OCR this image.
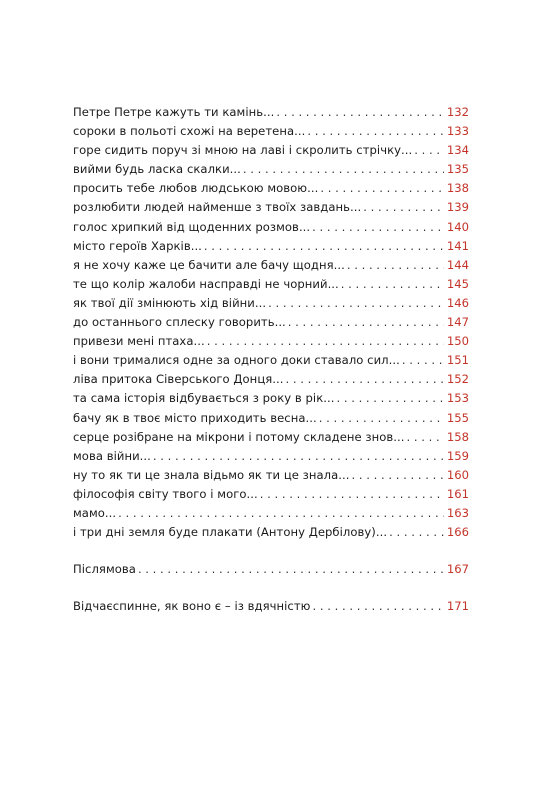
Петре Петре кажуть ти камінь... . . .	132
сороки в польоті схожі на веретена... . . .	133
горе сидить поруч зі мною на лаві і скролить стрічку... . . .	134
вийми будь ласка скалки... . . .	135
просить тебе любов людською мовою... . . .	138
розлюбити людей найменше з твоїх завдань... . . .	139
голос хрипкий від щоденних розмов... . . .	140
місто героїв Харків... . . .	141
я не хочу каже це бачити але бачу щодня... . . .	144
те що колір жалоби насправді не чорний... . . .	145
як твої дії змінюють хід війни... . . .	146
до останнього сплеску говорить... . . .	147
привези мені птаха... . . .	150
і вони трималися одне за одного доки ставало сил... . . .	151
ліва притока Сіверського Донця... . . .	152
та сама історія відбувається з року в рік... . . .	153
бачу як в твоє місто приходить весна... . . .	155
серце розібране на мікрони і потому складене знов... . . .	158
мова війни... . . .	159
ну то як ти це знала відьмо як ти це знала... . . .	160
філософія світу твого і мого... . . .	161
мамо... . . .	163
і три дні земля буде плакати (Антону Дербілову)... . . .	166
Післямова . . .	167
Відчаєспинне, як воно є – із вдячністю . . .	171
